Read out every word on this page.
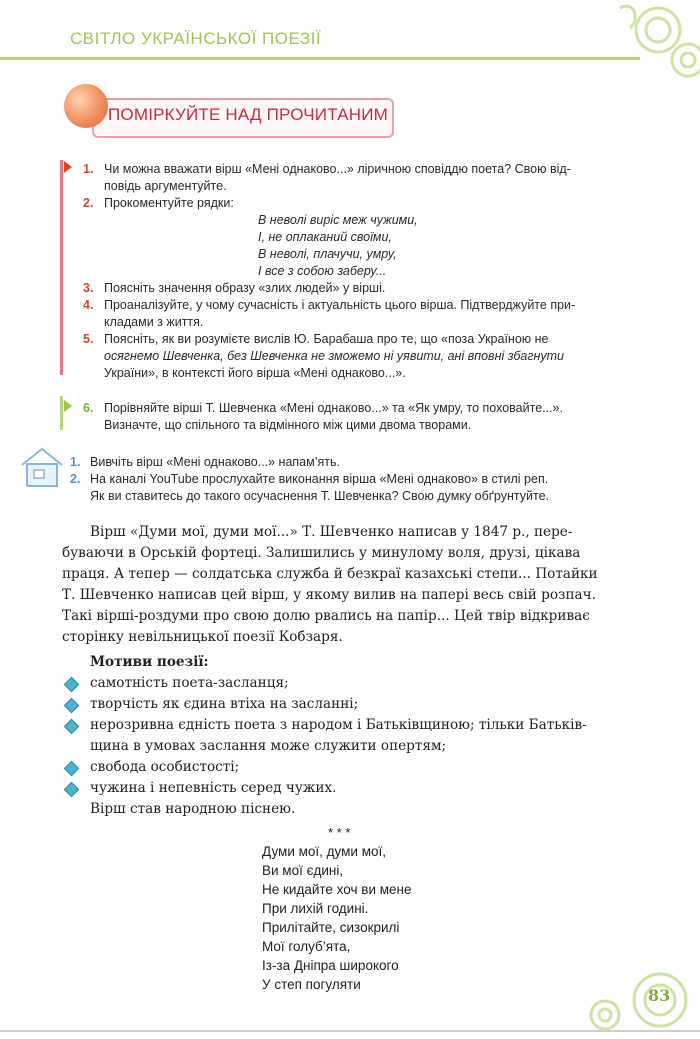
СВІТЛО УКРАЇНСЬКОЇ ПОЕЗІЇ
ПОМІРКУЙТЕ НАД ПРОЧИТАНИМ
1. Чи можна вважати вірш «Мені однаково...» ліричною сповіддю поета? Свою від-
повідь аргументуйте.
2. Прокоментуйте рядки:
В неволі виріс меж чужими,
І, не оплаканий своїми,
В неволі, плачучи, умру,
І все з собою заберу...
3. Поясніть значення образу «злих людей» у вірші.
4. Проаналізуйте, у чому сучасність і актуальність цього вірша. Підтверджуйте при-
кладами з життя.
5. Поясніть, як ви розумієте вислів Ю. Барабаша про те, що «поза Україною не
осягнемо Шевченка, без Шевченка не зможемо ні уявити, ані вповні збагнути
України», в контексті його вірша «Мені однаково...».
6. Порівняйте вірші Т. Шевченка «Мені однаково...» та «Як умру, то поховайте...».
Визначте, що спільного та відмінного між цими двома творами.
1. Вивчіть вірш «Мені однаково...» напам’ять.
2. На каналі YouTube прослухайте виконання вірша «Мені однаково» в стилі реп.
Як ви ставитесь до такого осучаснення Т. Шевченка? Свою думку обґрунтуйте.
Вірш «Думи мої, думи мої...» Т. Шевченко написав у 1847 р., пере-
буваючи в Орській фортеці. Залишились у минулому воля, друзі, цікава
праця. А тепер — солдатська служба й безкраї казахські степи... Потайки
Т. Шевченко написав цей вірш, у якому вилив на папері весь свій розпач.
Такі вірші-роздуми про свою долю рвались на папір... Цей твір відкриває
сторінку невільницької поезії Кобзаря.
Мотиви поезії:
самотність поета-засланця;
творчість як єдина втіха на засланні;
нерозривна єдність поета з народом і Батьківщиною; тільки Батьків-
щина в умовах заслання може служити опертям;
свобода особистості;
чужина і непевність серед чужих.
Вірш став народною піснею.
* * *
Думи мої, думи мої,
Ви мої єдині,
Не кидайте хоч ви мене
При лихій годині.
Прилітайте, сизокрилі
Мої голуб’ята,
Із-за Дніпра широкого
У степ погуляти
83
